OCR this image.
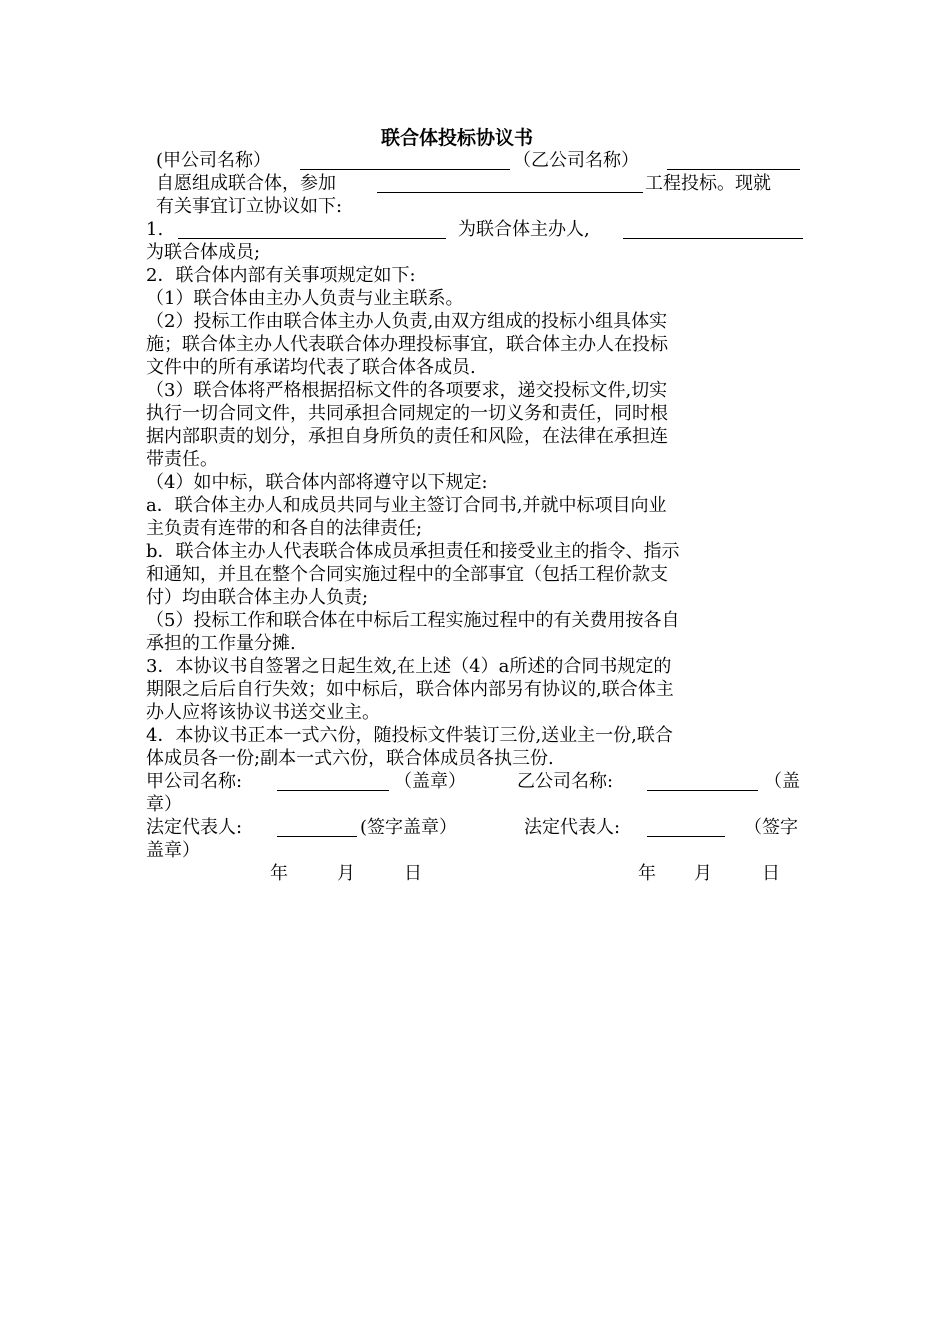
联合体投标协议书
(甲公司名称）	（乙公司名称）
自愿组成联合体，参加	工程投标。现就
有关事宜订立协议如下:
1.	为联合体主办人,
为联合体成员;
2．联合体内部有关事项规定如下:
（1）联合体由主办人负责与业主联系。
（2）投标工作由联合体主办人负责,由双方组成的投标小组具体实
施；联合体主办人代表联合体办理投标事宜，联合体主办人在投标
文件中的所有承诺均代表了联合体各成员.
（3）联合体将严格根据招标文件的各项要求，递交投标文件,切实
执行一切合同文件，共同承担合同规定的一切义务和责任，同时根
据内部职责的划分，承担自身所负的责任和风险，在法律在承担连
带责任。
（4）如中标，联合体内部将遵守以下规定:
a．联合体主办人和成员共同与业主签订合同书,并就中标项目向业
主负责有连带的和各自的法律责任;
b．联合体主办人代表联合体成员承担责任和接受业主的指令、指示
和通知，并且在整个合同实施过程中的全部事宜（包括工程价款支
付）均由联合体主办人负责;
（5）投标工作和联合体在中标后工程实施过程中的有关费用按各自
承担的工作量分摊.
3．本协议书自签署之日起生效,在上述（4）a所述的合同书规定的
期限之后后自行失效；如中标后，联合体内部另有协议的,联合体主
办人应将该协议书送交业主。
4．本协议书正本一式六份，随投标文件装订三份,送业主一份,联合
体成员各一份;副本一式六份，联合体成员各执三份.
甲公司名称:	（盖章）	乙公司名称:	（盖
章）
法定代表人:	(签字盖章）	法定代表人:	（签字
盖章）
年	月	日	年 月	日
